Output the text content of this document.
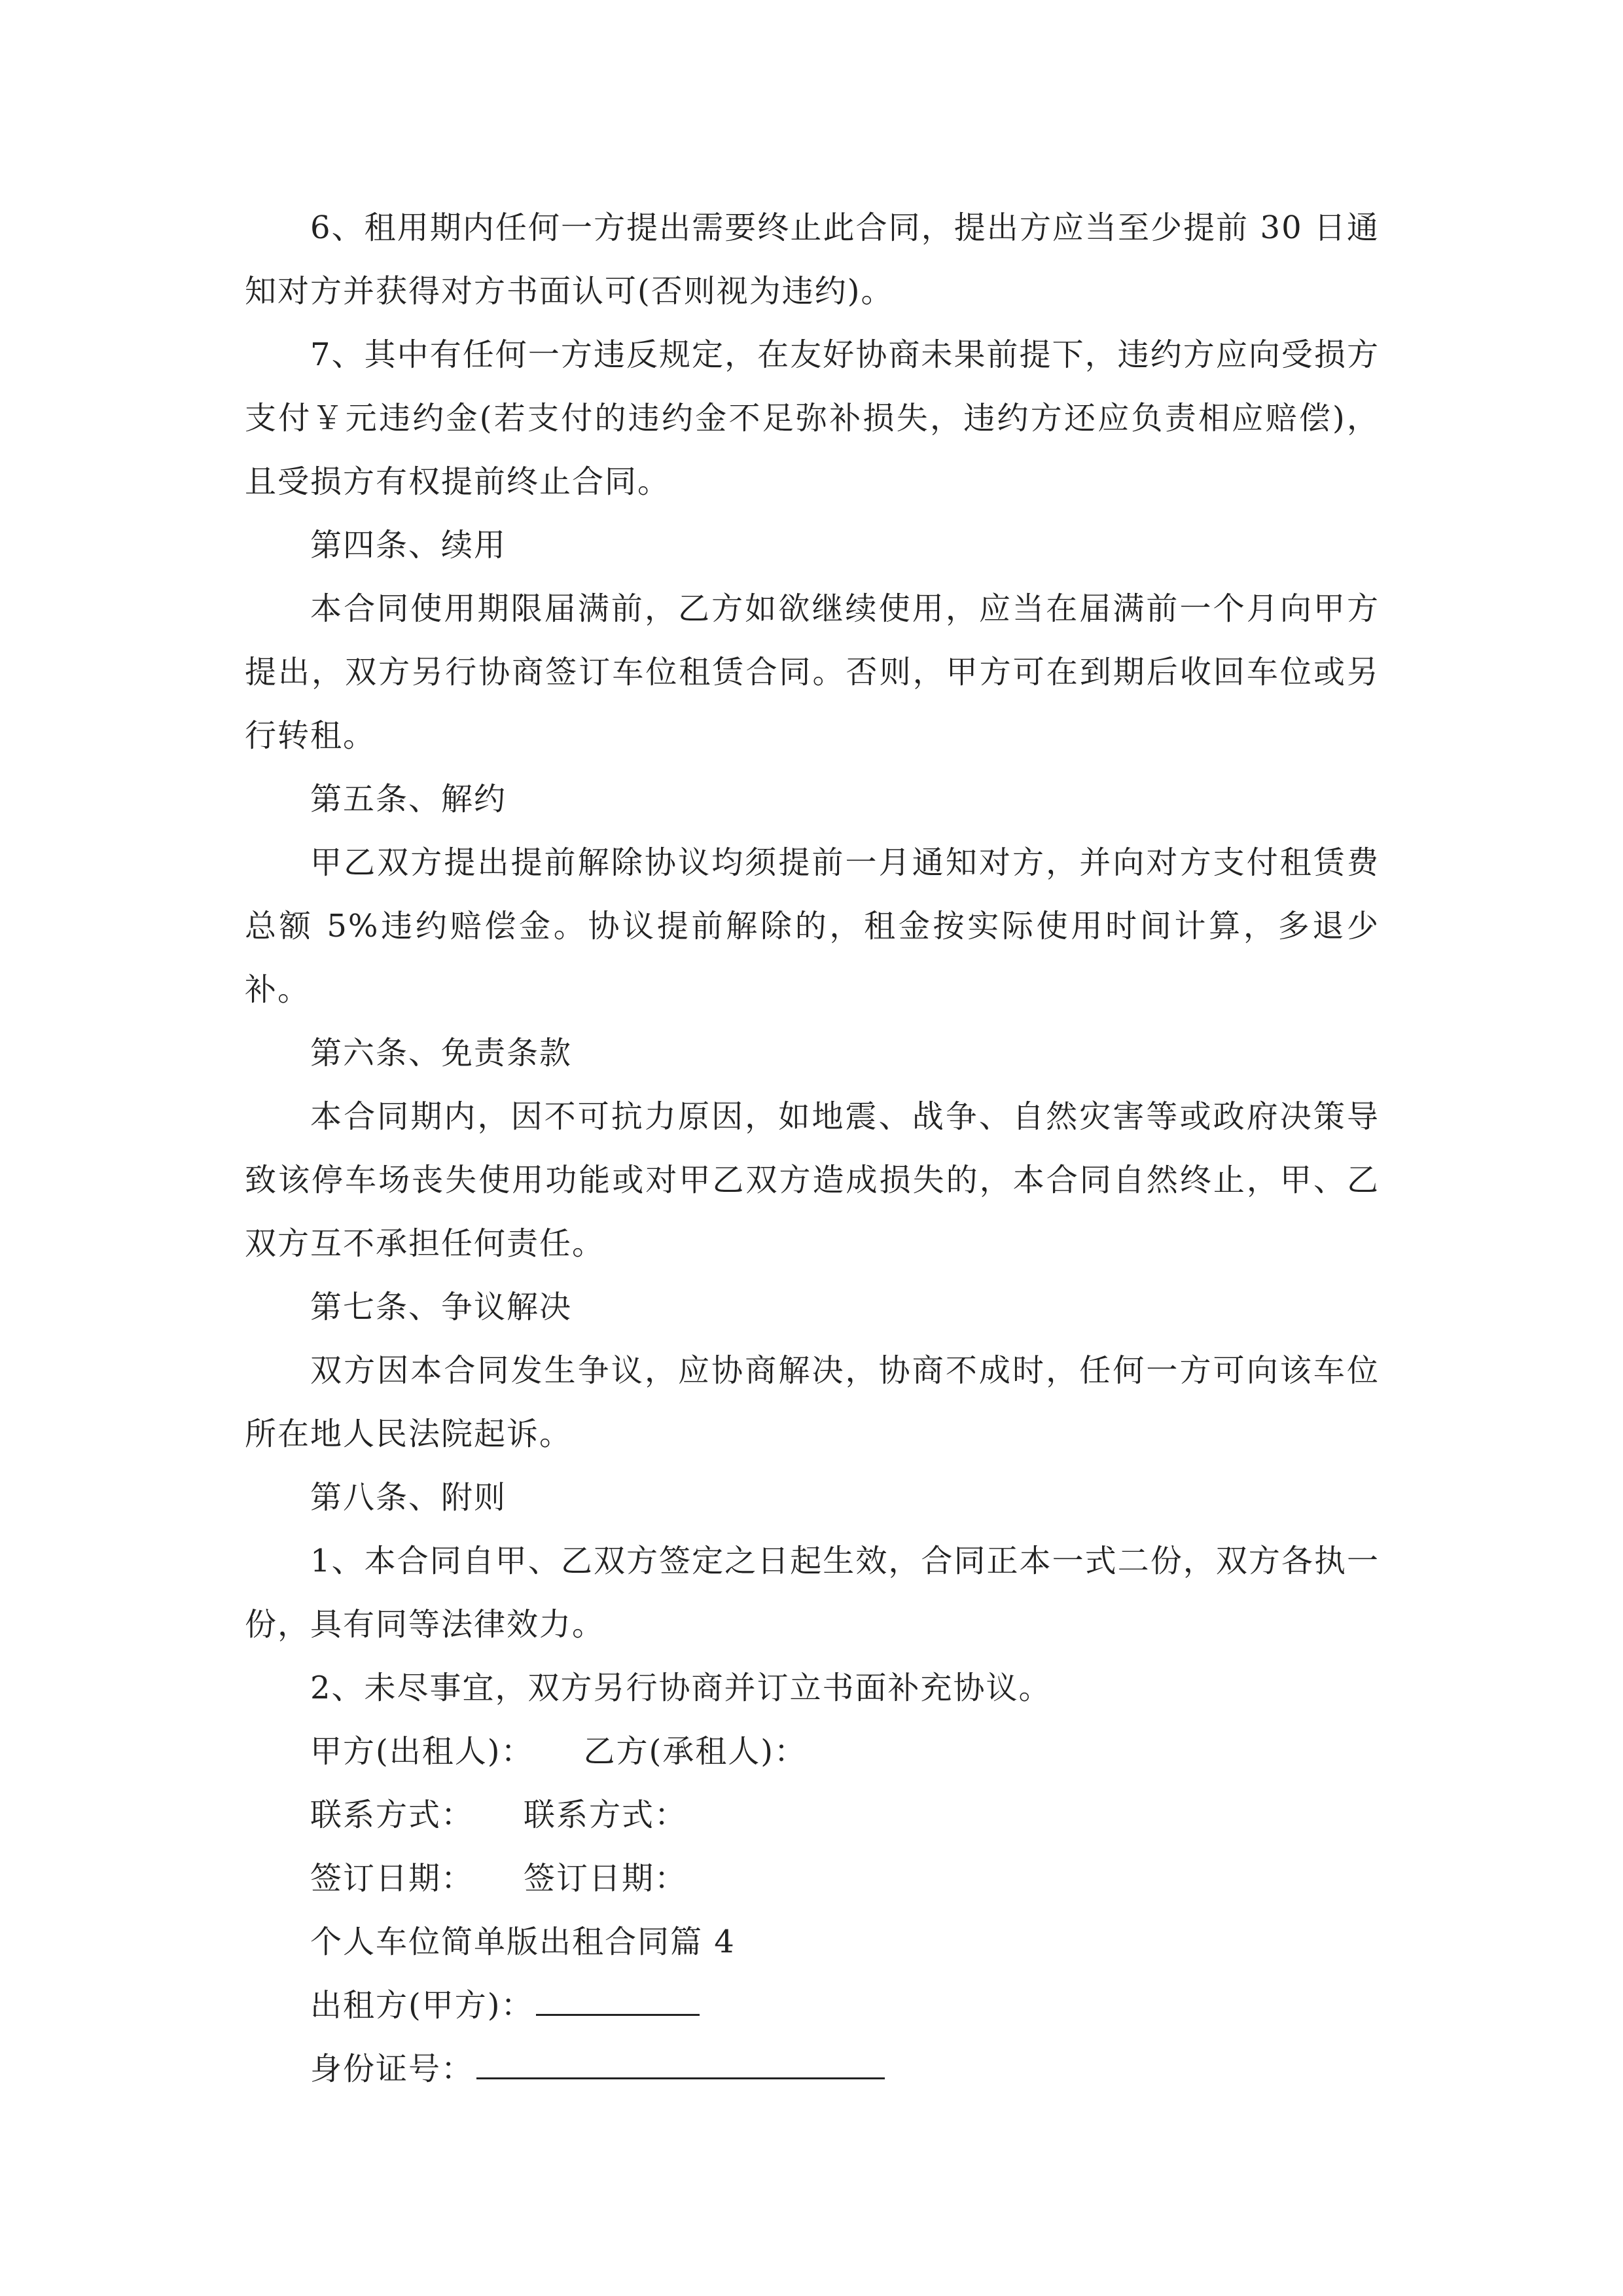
6、租用期内任何一方提出需要终止此合同，提出方应当至少提前 30 日通知对方并获得对方书面认可(否则视为违约)。

7、其中有任何一方违反规定，在友好协商未果前提下，违约方应向受损方支付￥元违约金(若支付的违约金不足弥补损失，违约方还应负责相应赔偿)，且受损方有权提前终止合同。

第四条、续用

本合同使用期限届满前，乙方如欲继续使用，应当在届满前一个月向甲方提出，双方另行协商签订车位租赁合同。否则，甲方可在到期后收回车位或另行转租。

第五条、解约

甲乙双方提出提前解除协议均须提前一月通知对方，并向对方支付租赁费总额 5%违约赔偿金。协议提前解除的，租金按实际使用时间计算，多退少补。

第六条、免责条款

本合同期内，因不可抗力原因，如地震、战争、自然灾害等或政府决策导致该停车场丧失使用功能或对甲乙双方造成损失的，本合同自然终止，甲、乙双方互不承担任何责任。

第七条、争议解决

双方因本合同发生争议，应协商解决，协商不成时，任何一方可向该车位所在地人民法院起诉。

第八条、附则

1、本合同自甲、乙双方签定之日起生效，合同正本一式二份，双方各执一份，具有同等法律效力。

2、未尽事宜，双方另行协商并订立书面补充协议。

甲方(出租人)： 乙方(承租人)：

联系方式： 联系方式：

签订日期： 签订日期：

个人车位简单版出租合同篇 4

出租方(甲方)：

身份证号：
